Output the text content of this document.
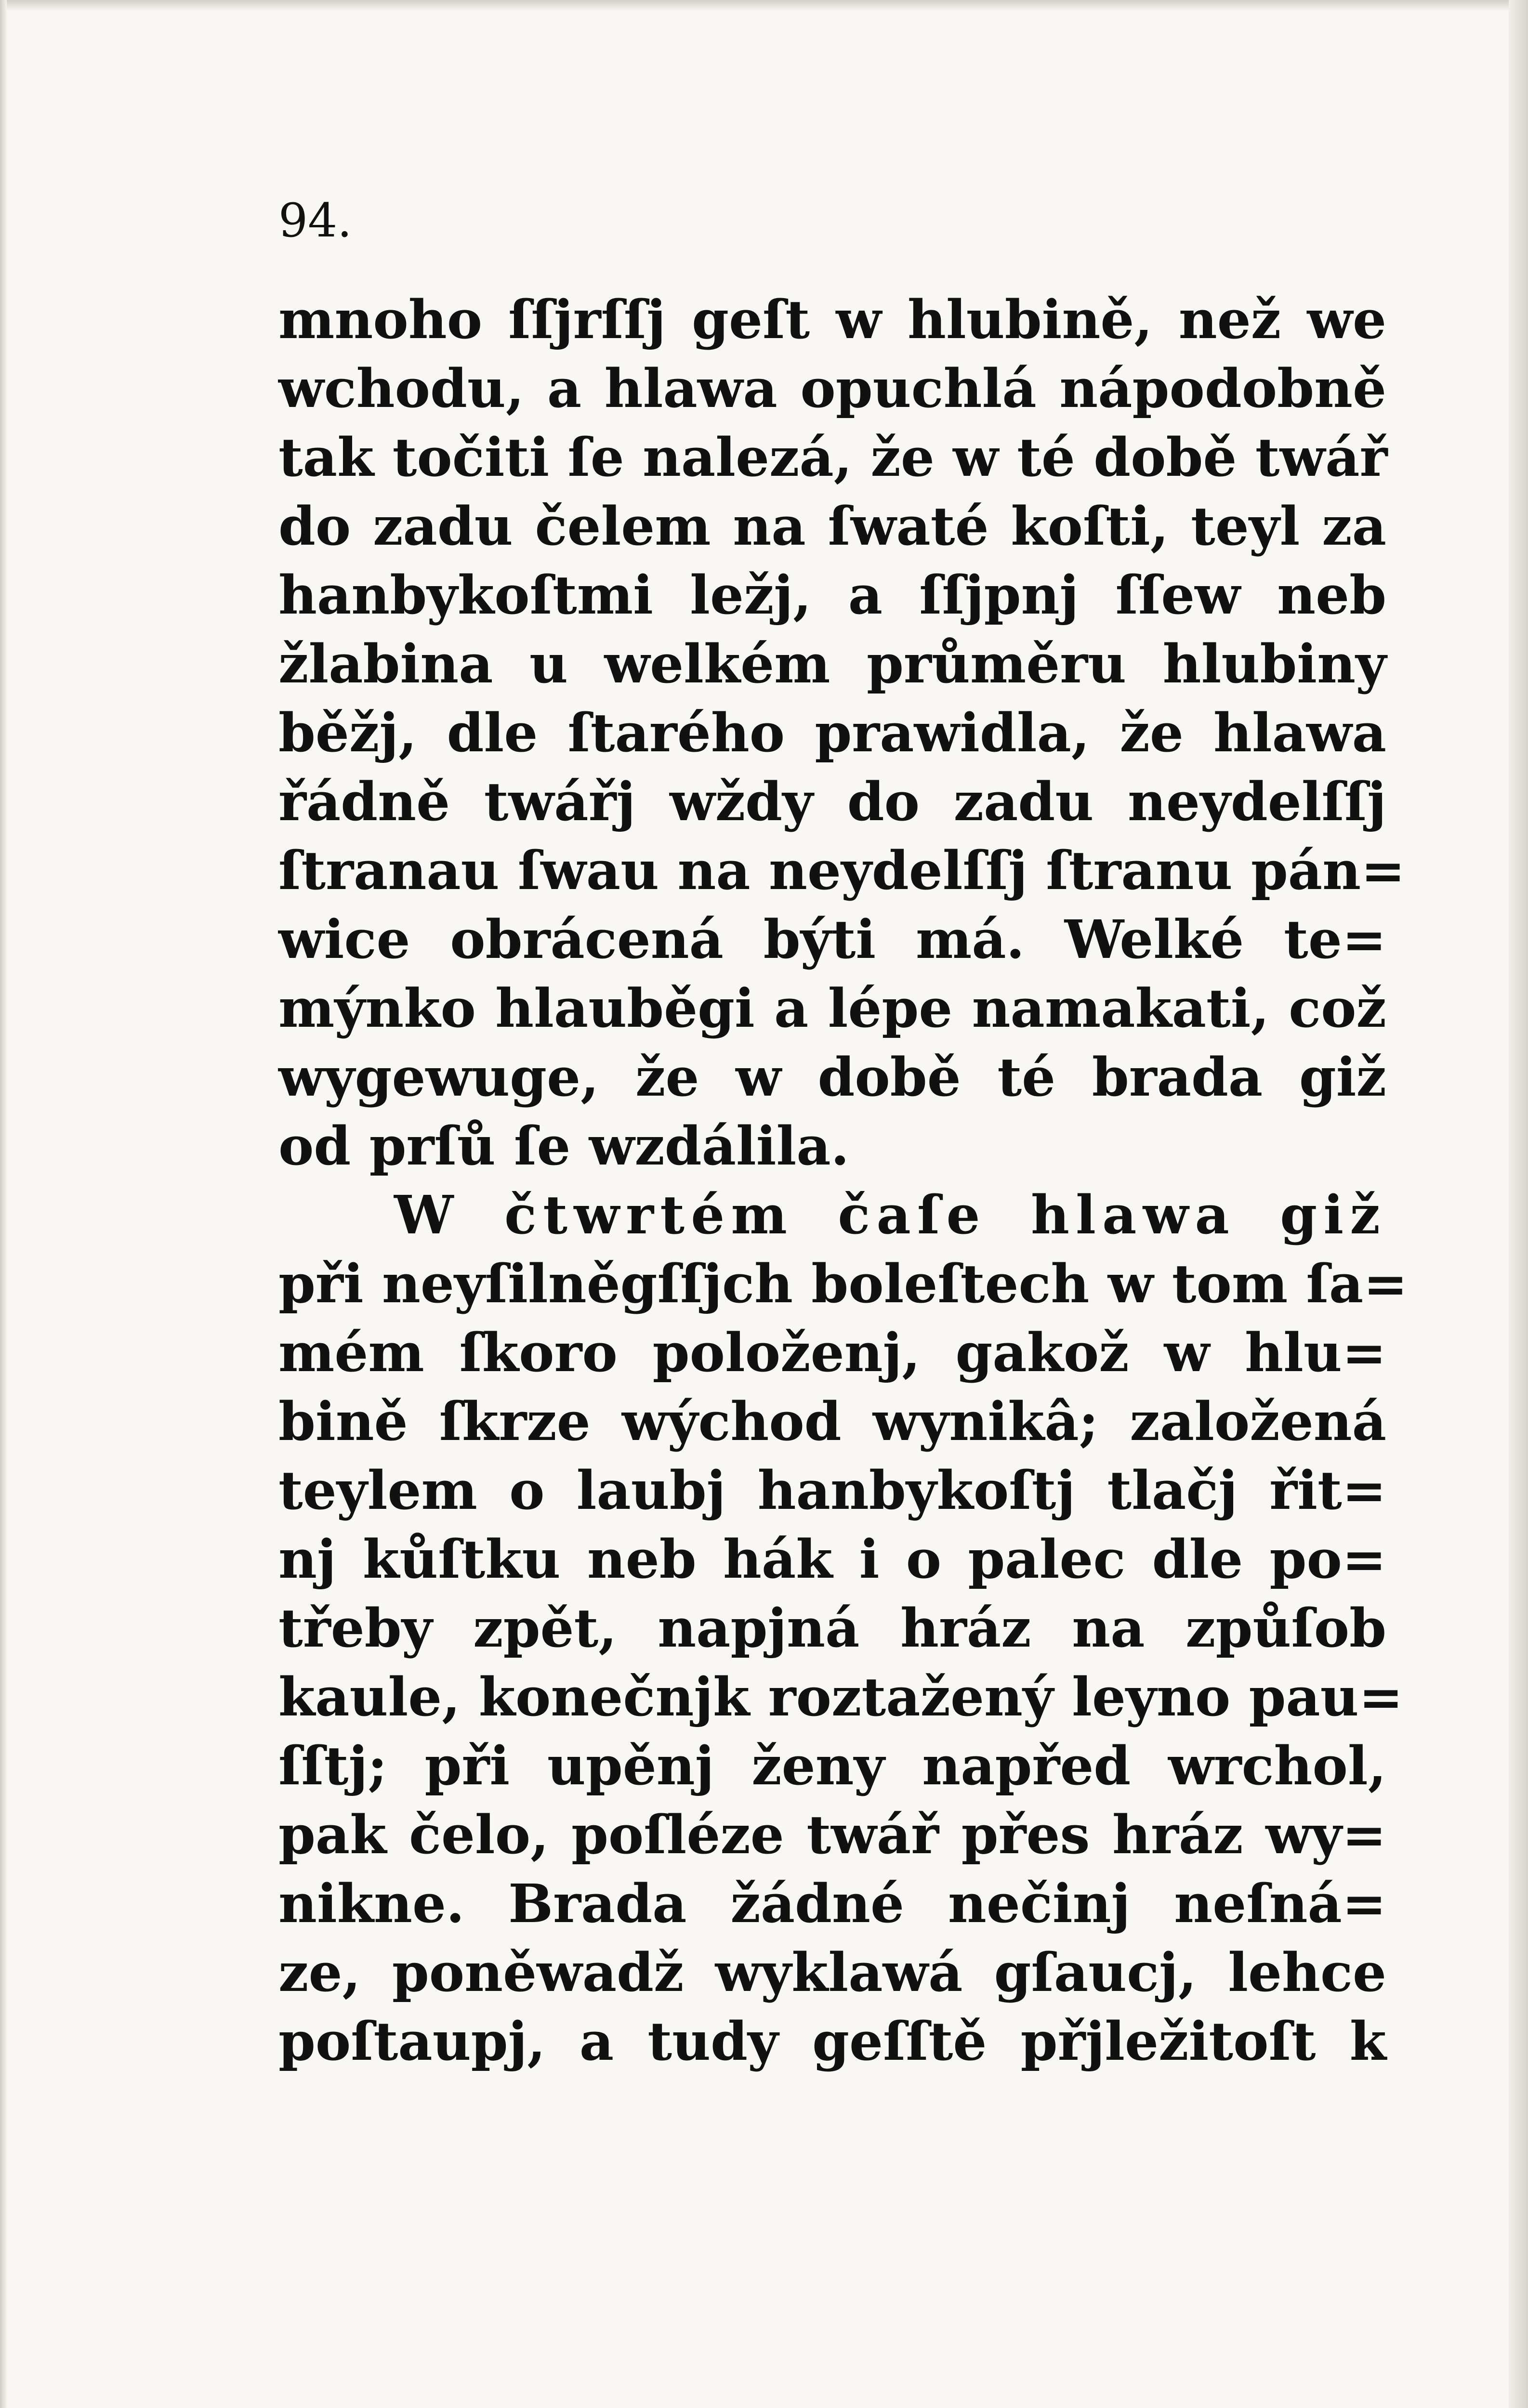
94.
mnoho ſſjrſſj geſt w hlubině, než we
wchodu, a hlawa opuchlá nápodobně
tak točiti ſe nalezá, že w té době twář
do zadu čelem na ſwaté koſti, teyl za
hanbykoſtmi ležj, a ſſjpnj ſſew neb
žlabina u welkém průměru hlubiny
běžj, dle ſtarého prawidla, že hlawa
řádně twářj wždy do zadu neydelſſj
ſtranau ſwau na neydelſſj ſtranu pán=
wice obrácená býti má. Welké te=
mýnko hlauběgi a lépe namakati, což
wygewuge, že w době té brada giž
od prſů ſe wzdálila.
W čtwrtém čaſe hlawa giž
při neyſilněgſſjch boleſtech w tom ſa=
mém ſkoro položenj, gakož w hlu=
bině ſkrze wýchod wynikâ; založená
teylem o laubj hanbykoſtj tlačj řit=
nj kůſtku neb hák i o palec dle po=
třeby zpět, napjná hráz na způſob
kaule, konečnjk roztažený leyno pau=
ſſtj; při upěnj ženy napřed wrchol,
pak čelo, poſléze twář přes hráz wy=
nikne. Brada žádné nečinj neſná=
ze, poněwadž wyklawá gſaucj, lehce
poſtaupj, a tudy geſſtě přjležitoſt k
